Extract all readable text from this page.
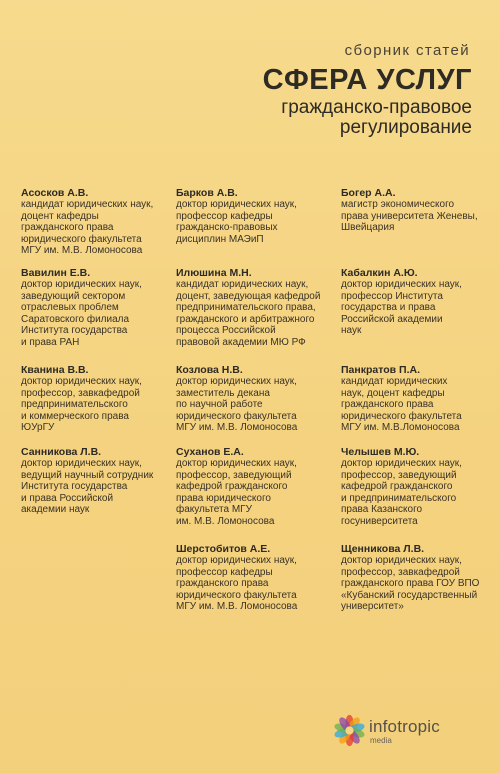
сборник статей
СФЕРА УСЛУГ
гражданско-правовое
регулирование
Асосков А.В.
кандидат юридических наук,
доцент кафедры
гражданского права
юридического факультета
МГУ им. М.В. Ломоносова
Вавилин Е.В.
доктор юридических наук,
заведующий сектором
отраслевых проблем
Саратовского филиала
Института государства
и права РАН
Кванина В.В.
доктор юридических наук,
профессор, завкафедрой
предпринимательского
и коммерческого права
ЮУрГУ
Санникова Л.В.
доктор юридических наук,
ведущий научный сотрудник
Института государства
и права Российской
академии наук
Барков А.В.
доктор юридических наук,
профессор кафедры
гражданско-правовых
дисциплин МАЭиП
Илюшина М.Н.
кандидат юридических наук,
доцент, заведующая кафедрой
предпринимательского права,
гражданского и арбитражного
процесса Российской
правовой академии МЮ РФ
Козлова Н.В.
доктор юридических наук,
заместитель декана
по научной работе
юридического факультета
МГУ им. М.В. Ломоносова
Суханов Е.А.
доктор юридических наук,
профессор, заведующий
кафедрой гражданского
права юридического
факультета МГУ
им. М.В. Ломоносова
Шерстобитов А.Е.
доктор юридических наук,
профессор кафедры
гражданского права
юридического факультета
МГУ им. М.В. Ломоносова
Богер А.А.
магистр экономического
права университета Женевы,
Швейцария
Кабалкин А.Ю.
доктор юридических наук,
профессор Института
государства и права
Российской академии
наук
Панкратов П.А.
кандидат юридических
наук, доцент кафедры
гражданского права
юридического факультета
МГУ им. М.В.Ломоносова
Челышев М.Ю.
доктор юридических наук,
профессор, заведующий
кафедрой гражданского
и предпринимательского
права Казанского
госуниверситета
Щенникова Л.В.
доктор юридических наук,
профессор, завкафедрой
гражданского права ГОУ ВПО
«Кубанский государственный
университет»
infotropic
media
